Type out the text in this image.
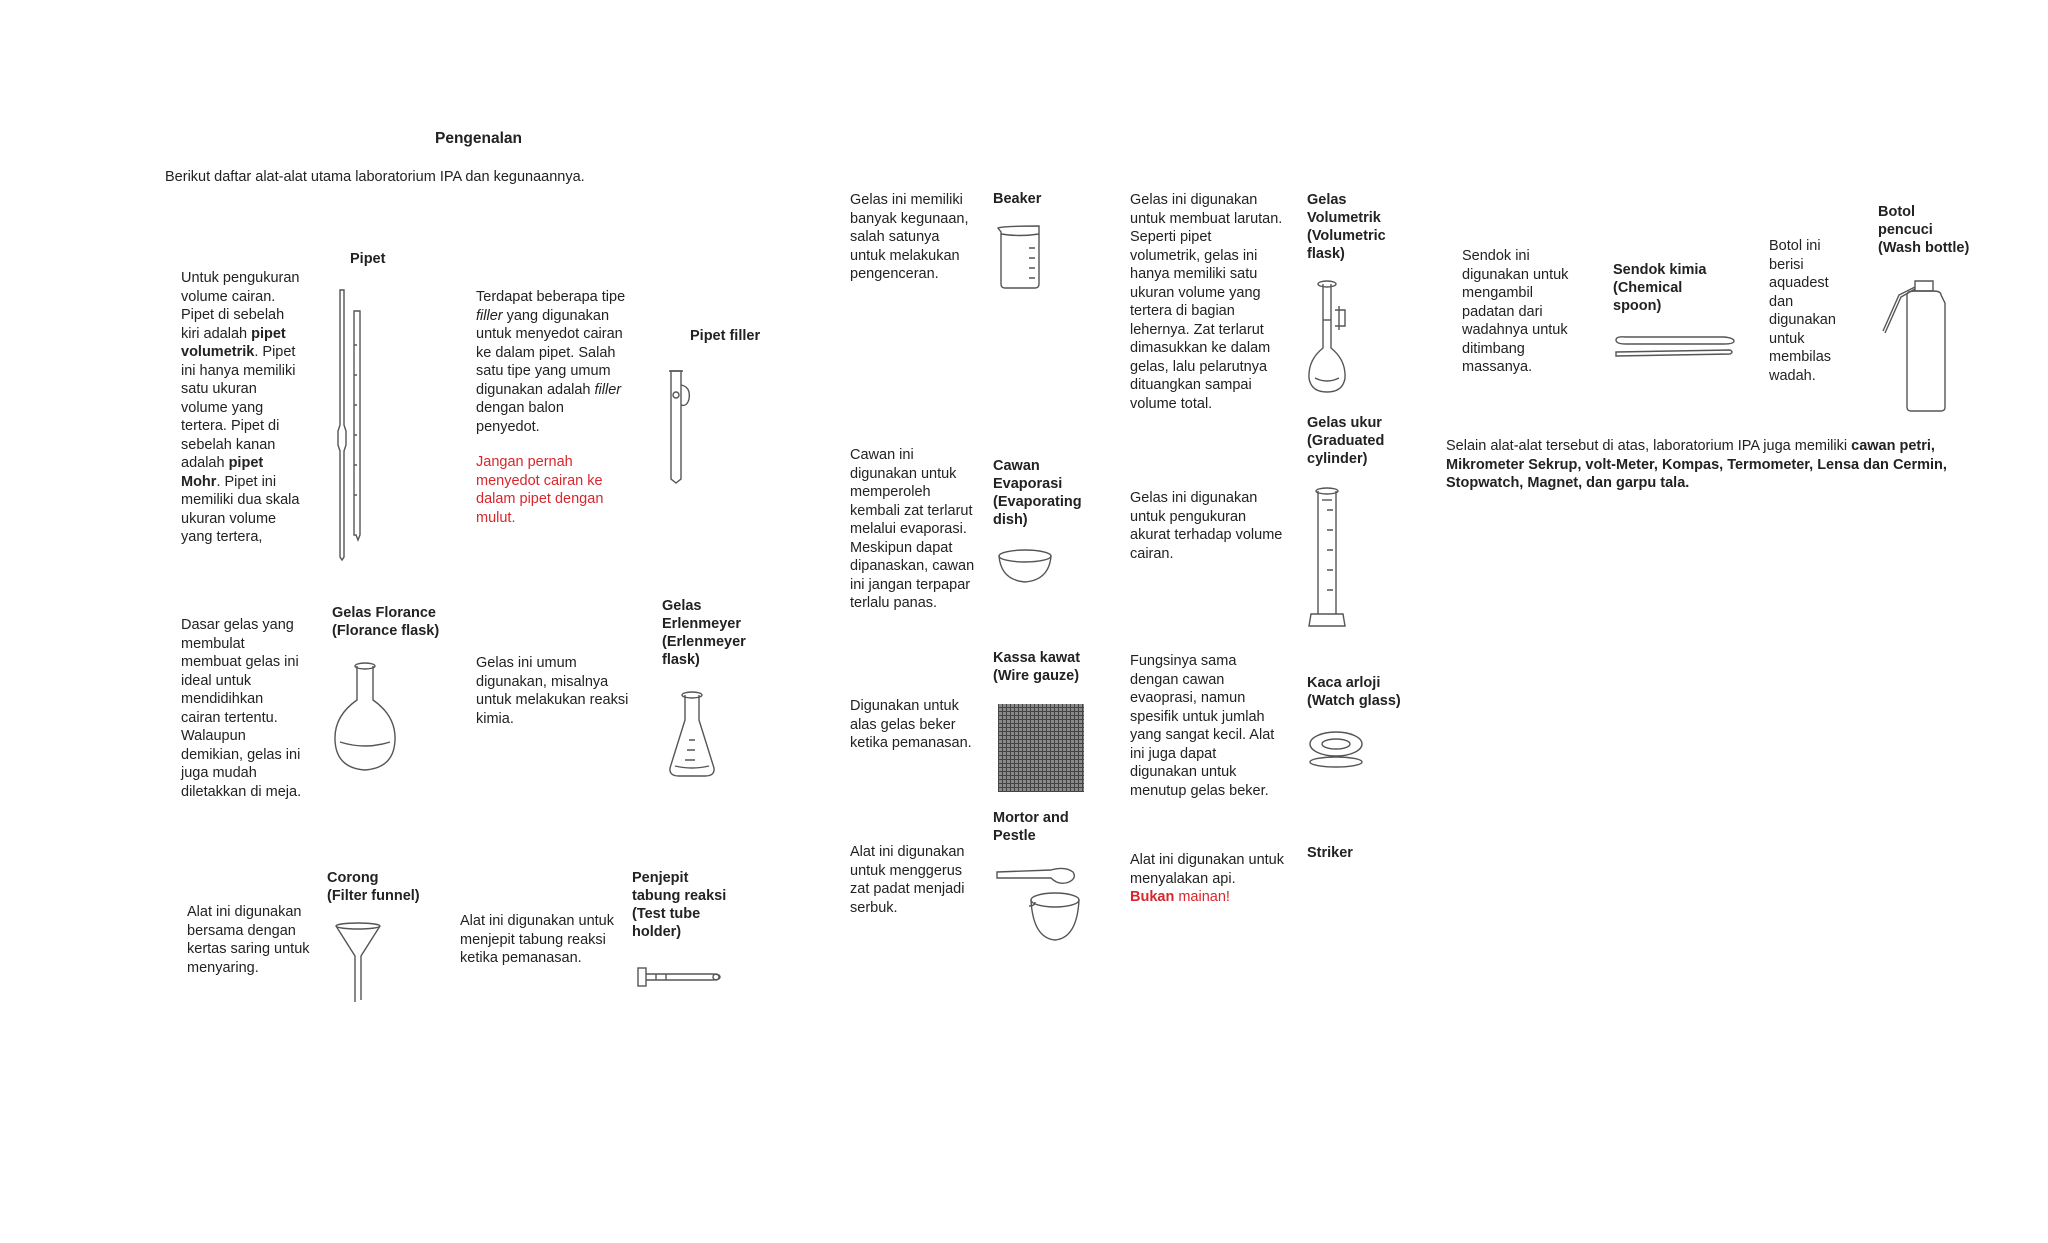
Pengenalan
Berikut daftar alat-alat utama laboratorium IPA dan kegunaannya.
Untuk pengukuran
volume cairan.
Pipet di sebelah
kiri adalah pipet
volumetrik. Pipet
ini hanya memiliki
satu ukuran
volume yang
tertera. Pipet di
sebelah kanan
adalah pipet
Mohr. Pipet ini
memiliki dua skala
ukuran volume
yang tertera,
Pipet
Terdapat beberapa tipe
filler yang digunakan
untuk menyedot cairan
ke dalam pipet. Salah
satu tipe yang umum
digunakan adalah filler
dengan balon
penyedot.
Jangan pernah
menyedot cairan ke
dalam pipet dengan
mulut.
Pipet filler
Gelas Florance
(Florance flask)
Dasar gelas yang
membulat
membuat gelas ini
ideal untuk
mendidihkan
cairan tertentu.
Walaupun
demikian, gelas ini
juga mudah
diletakkan di meja.
Gelas
Erlenmeyer
(Erlenmeyer
flask)
Gelas ini umum
digunakan, misalnya
untuk melakukan reaksi
kimia.
Corong
(Filter funnel)
Alat ini digunakan
bersama dengan
kertas saring untuk
menyaring.
Penjepit
tabung reaksi
(Test tube
holder)
Alat ini digunakan untuk
menjepit tabung reaksi
ketika pemanasan.
Beaker
Gelas ini memiliki
banyak kegunaan,
salah satunya
untuk melakukan
pengenceran.
Gelas
Volumetrik
(Volumetric
flask)
Gelas ini digunakan
untuk membuat larutan.
Seperti pipet
volumetrik, gelas ini
hanya memiliki satu
ukuran volume yang
tertera di bagian
lehernya. Zat terlarut
dimasukkan ke dalam
gelas, lalu pelarutnya
dituangkan sampai
volume total.
Cawan
Evaporasi
(Evaporating
dish)
Cawan ini
digunakan untuk
memperoleh
kembali zat terlarut
melalui evaporasi.
Meskipun dapat
dipanaskan, cawan
ini jangan terpapar
terlalu panas.
Gelas ukur
(Graduated
cylinder)
Gelas ini digunakan
untuk pengukuran
akurat terhadap volume
cairan.
Kassa kawat
(Wire gauze)
Digunakan untuk
alas gelas beker
ketika pemanasan.
Kaca arloji
(Watch glass)
Fungsinya sama
dengan cawan
evaoprasi, namun
spesifik untuk jumlah
yang sangat kecil. Alat
ini juga dapat
digunakan untuk
menutup gelas beker.
Mortor and
Pestle
Alat ini digunakan
untuk menggerus
zat padat menjadi
serbuk.
Striker
Alat ini digunakan untuk
menyalakan api.
Bukan mainan!
Sendok ini
digunakan untuk
mengambil
padatan dari
wadahnya untuk
ditimbang
massanya.
Sendok kimia
(Chemical
spoon)
Botol ini
berisi
aquadest
dan
digunakan
untuk
membilas
wadah.
Botol
pencuci
(Wash bottle)
Selain alat-alat tersebut di atas, laboratorium IPA juga memiliki cawan petri,
Mikrometer Sekrup, volt-Meter, Kompas, Termometer, Lensa dan Cermin,
Stopwatch, Magnet, dan garpu tala.
